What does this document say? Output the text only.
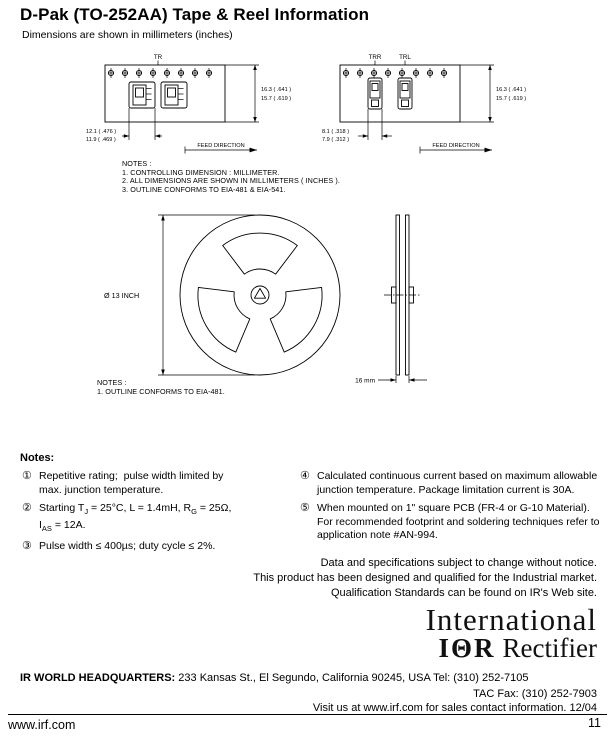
D-Pak (TO-252AA) Tape & Reel Information
Dimensions are shown in millimeters (inches)
TR
12.1 ( .476 )
11.9 ( .469 )
16.3 ( .641 )
15.7 ( .619 )
FEED DIRECTION
TRR	TRL
8.1 ( .318 )
7.9 ( .312 )
16.3 ( .641 )
15.7 ( .619 )
FEED DIRECTION
NOTES :
1. CONTROLLING DIMENSION : MILLIMETER.
2. ALL DIMENSIONS ARE SHOWN IN MILLIMETERS ( INCHES ).
3. OUTLINE CONFORMS TO EIA-481 & EIA-541.
Ø 13 INCH
16 mm
NOTES :
1. OUTLINE CONFORMS TO EIA-481.
Notes:
① Repetitive rating;  pulse width limited by
max. junction temperature.
② Starting $T_J = 25^\circ C$, L = 1.4mH, $R_G = 25\Omega$,
$I_{AS} = 12A$.
③ Pulse width ≤ 400µs; duty cycle ≤ 2%.
④ Calculated continuous current based on maximum allowable
junction temperature. Package limitation current is 30A.
⑤ When mounted on 1" square PCB (FR-4 or G-10 Material).
For recommended footprint and soldering techniques refer to
application note #AN-994.
Data and specifications subject to change without notice.
This product has been designed and qualified for the Industrial market.
Qualification Standards can be found on IR's Web site.
International
IΘR Rectifier
IR WORLD HEADQUARTERS: 233 Kansas St., El Segundo, California 90245, USA Tel: (310) 252-7105
TAC Fax: (310) 252-7903
Visit us at www.irf.com for sales contact information. 12/04
www.irf.com	11
